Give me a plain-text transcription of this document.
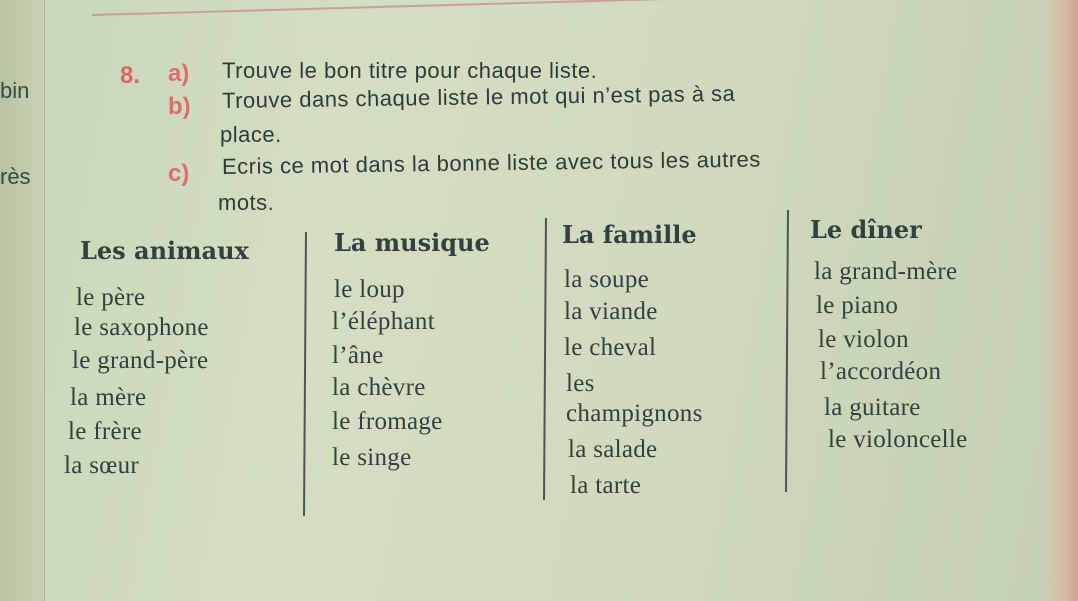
bin
rès
8. a) Trouve le bon titre pour chaque liste.
b) Trouve dans chaque liste le mot qui n’est pas à sa
place.
c) Ecris ce mot dans la bonne liste avec tous les autres
mots.
Les animaux
le père
le saxophone
le grand-père
la mère
le frère
la sœur
La musique
le loup
l’éléphant
l’âne
la chèvre
le fromage
le singe
La famille
la soupe
la viande
le cheval
les
champignons
la salade
la tarte
Le dîner
la grand-mère
le piano
le violon
l’accordéon
la guitare
le violoncelle
